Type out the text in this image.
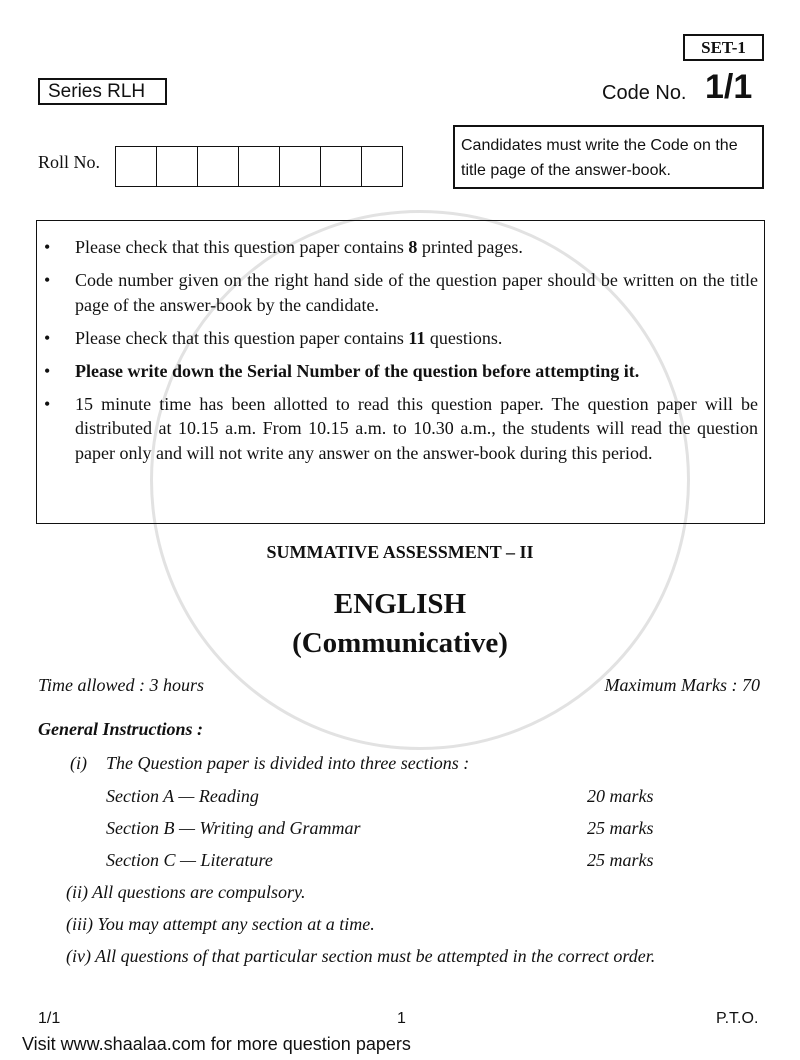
Series RLH
SET-1
Code No. 1/1
Roll No.
Candidates must write the Code on the
title page of the answer-book.
•	Please check that this question paper contains 8 printed pages.
•	Code number given on the right hand side of the question paper should be written on the title page of the answer-book by the candidate.
•	Please check that this question paper contains 11 questions.
•	Please write down the Serial Number of the question before attempting it.
•	15 minute time has been allotted to read this question paper. The question paper will be distributed at 10.15 a.m. From 10.15 a.m. to 10.30 a.m., the students will read the question paper only and will not write any answer on the answer-book during this period.
SUMMATIVE ASSESSMENT – II
ENGLISH
(Communicative)
Time allowed : 3 hours	Maximum Marks : 70
General Instructions :
(i) The Question paper is divided into three sections :
Section A — Reading	20 marks
Section B — Writing and Grammar	25 marks
Section C — Literature	25 marks
(ii) All questions are compulsory.
(iii) You may attempt any section at a time.
(iv) All questions of that particular section must be attempted in the correct order.
1/1	1	P.T.O.
Visit www.shaalaa.com for more question papers
